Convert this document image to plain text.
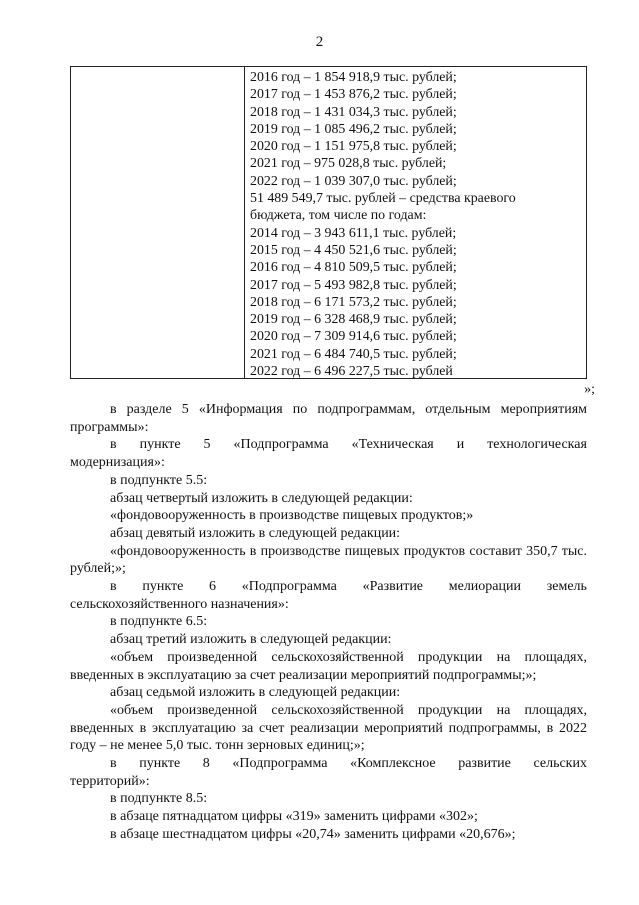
2
2016 год – 1 854 918,9 тыс. рублей;
2017 год – 1 453 876,2 тыс. рублей;
2018 год – 1 431 034,3 тыс. рублей;
2019 год – 1 085 496,2 тыс. рублей;
2020 год – 1 151 975,8 тыс. рублей;
2021 год – 975 028,8 тыс. рублей;
2022 год – 1 039 307,0 тыс. рублей;
51 489 549,7 тыс. рублей – средства краевого
бюджета, том числе по годам:
2014 год – 3 943 611,1 тыс. рублей;
2015 год – 4 450 521,6 тыс. рублей;
2016 год – 4 810 509,5 тыс. рублей;
2017 год – 5 493 982,8 тыс. рублей;
2018 год – 6 171 573,2 тыс. рублей;
2019 год – 6 328 468,9 тыс. рублей;
2020 год – 7 309 914,6 тыс. рублей;
2021 год – 6 484 740,5 тыс. рублей;
2022 год – 6 496 227,5 тыс. рублей
»;
в разделе 5 «Информация по подпрограммам, отдельным мероприятиям программы»:
в пункте 5 «Подпрограмма «Техническая и технологическая
модернизация»:
в подпункте 5.5:
абзац четвертый изложить в следующей редакции:
«фондовооруженность в производстве пищевых продуктов;»
абзац девятый изложить в следующей редакции:
«фондовооруженность в производстве пищевых продуктов составит 350,7 тыс. рублей;»;
в пункте 6 «Подпрограмма «Развитие мелиорации земель
сельскохозяйственного назначения»:
в подпункте 6.5:
абзац третий изложить в следующей редакции:
«объем произведенной сельскохозяйственной продукции на площадях, введенных в эксплуатацию за счет реализации мероприятий подпрограммы;»;
абзац седьмой изложить в следующей редакции:
«объем произведенной сельскохозяйственной продукции на площадях, введенных в эксплуатацию за счет реализации мероприятий подпрограммы, в 2022 году – не менее 5,0 тыс. тонн зерновых единиц;»;
в пункте 8 «Подпрограмма «Комплексное развитие сельских
территорий»:
в подпункте 8.5:
в абзаце пятнадцатом цифры «319» заменить цифрами «302»;
в абзаце шестнадцатом цифры «20,74» заменить цифрами «20,676»;
